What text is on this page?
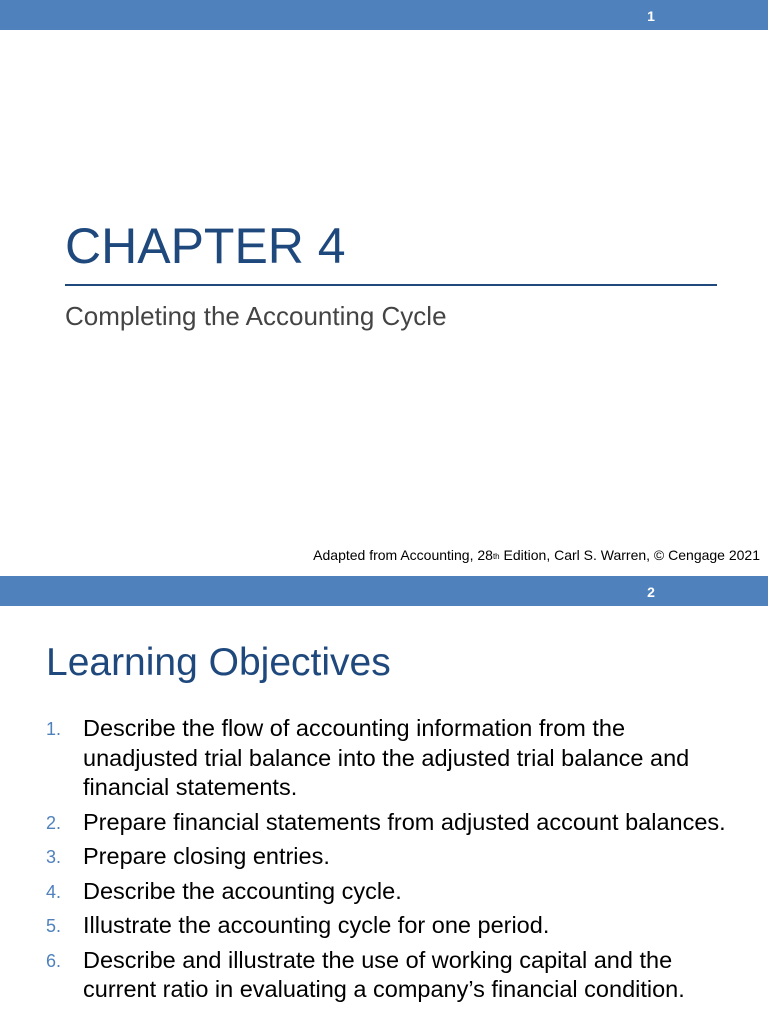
1
CHAPTER 4
Completing the Accounting Cycle
Adapted from Accounting, 28th Edition, Carl S. Warren, © Cengage 2021
2
Learning Objectives
1. Describe the flow of accounting information from the unadjusted trial balance into the adjusted trial balance and financial statements.
2. Prepare financial statements from adjusted account balances.
3. Prepare closing entries.
4. Describe the accounting cycle.
5. Illustrate the accounting cycle for one period.
6. Describe and illustrate the use of working capital and the current ratio in evaluating a company’s financial condition.
